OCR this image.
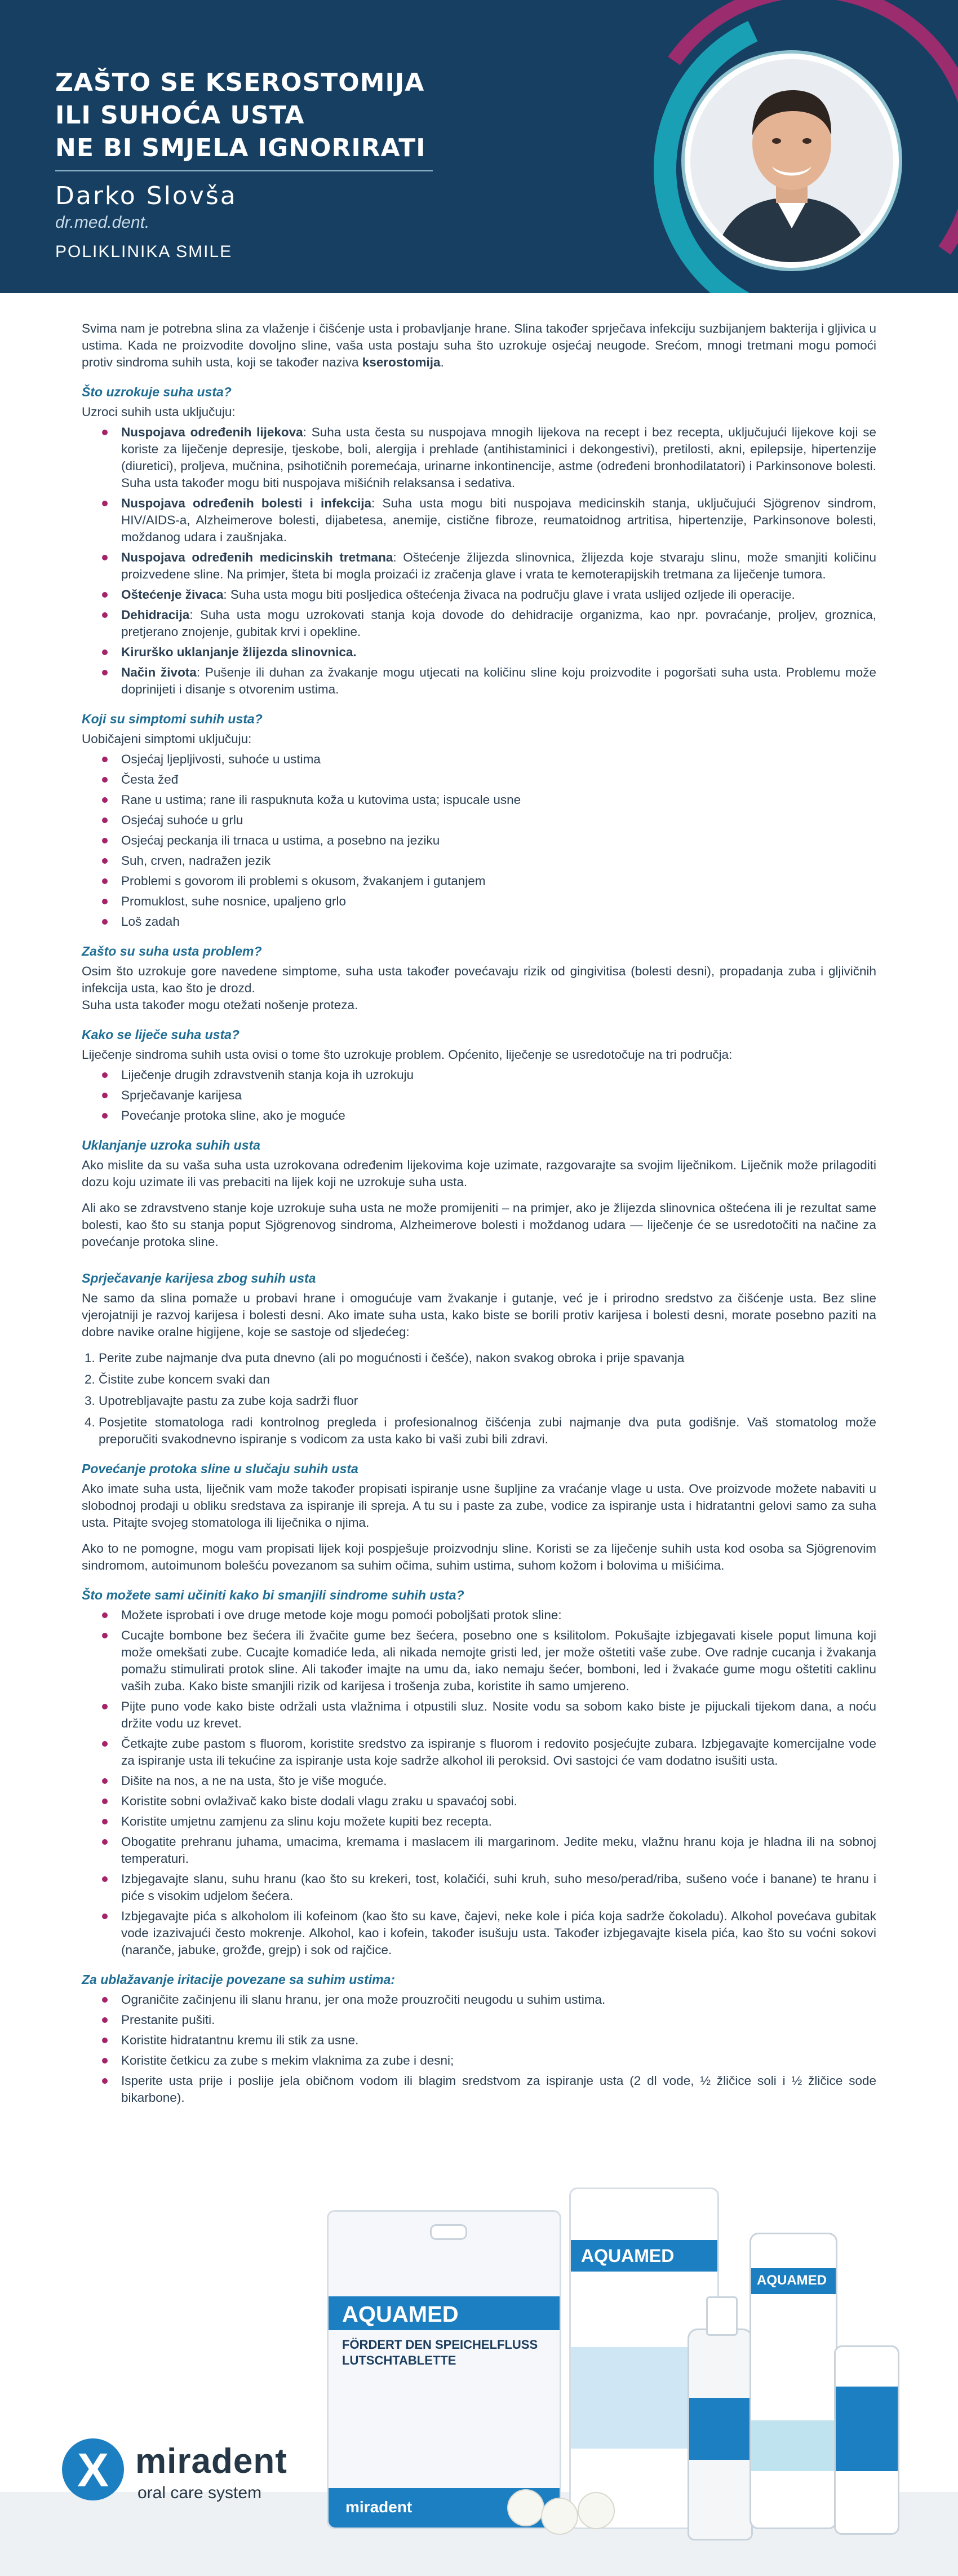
ZAŠTO SE KSEROSTOMIJA
ILI SUHOĆA USTA
NE BI SMJELA IGNORIRATI
Darko Slovša
dr.med.dent.
POLIKLINIKA SMILE

Svima nam je potrebna slina za vlaženje i čišćenje usta i probavljanje hrane. Slina također sprječava infekciju suzbijanjem bakterija i gljivica u ustima. Kada ne proizvodite dovoljno sline, vaša usta postaju suha što uzrokuje osjećaj neugode. Srećom, mnogi tretmani mogu pomoći protiv sindroma suhih usta, koji se također naziva kserostomija.

Što uzrokuje suha usta?

Uzroci suhih usta uključuju:

Nuspojava određenih lijekova: Suha usta česta su nuspojava mnogih lijekova na recept i bez recepta, uključujući lijekove koji se koriste za liječenje depresije, tjeskobe, boli, alergija i prehlade (antihistaminici i dekongestivi), pretilosti, akni, epilepsije, hipertenzije (diuretici), proljeva, mučnina, psihotičnih poremećaja, urinarne inkontinencije, astme (određeni bronhodilatatori) i Parkinsonove bolesti. Suha usta također mogu biti nuspojava mišićnih relaksansa i sedativa.
Nuspojava određenih bolesti i infekcija: Suha usta mogu biti nuspojava medicinskih stanja, uključujući Sjögrenov sindrom, HIV/AIDS-a, Alzheimerove bolesti, dijabetesa, anemije, cistične fibroze, reumatoidnog artritisa, hipertenzije, Parkinsonove bolesti, moždanog udara i zaušnjaka.
Nuspojava određenih medicinskih tretmana: Oštećenje žlijezda slinovnica, žlijezda koje stvaraju slinu, može smanjiti količinu proizvedene sline. Na primjer, šteta bi mogla proizaći iz zračenja glave i vrata te kemoterapijskih tretmana za liječenje tumora.
Oštećenje živaca: Suha usta mogu biti posljedica oštećenja živaca na području glave i vrata uslijed ozljede ili operacije.
Dehidracija: Suha usta mogu uzrokovati stanja koja dovode do dehidracije organizma, kao npr. povraćanje, proljev, groznica, pretjerano znojenje, gubitak krvi i opekline.
Kirurško uklanjanje žlijezda slinovnica.
Način života: Pušenje ili duhan za žvakanje mogu utjecati na količinu sline koju proizvodite i pogoršati suha usta. Problemu može doprinijeti i disanje s otvorenim ustima.
Koji su simptomi suhih usta?

Uobičajeni simptomi uključuju:

Osjećaj ljepljivosti, suhoće u ustima
Česta žeđ
Rane u ustima; rane ili raspuknuta koža u kutovima usta; ispucale usne
Osjećaj suhoće u grlu
Osjećaj peckanja ili trnaca u ustima, a posebno na jeziku
Suh, crven, nadražen jezik
Problemi s govorom ili problemi s okusom, žvakanjem i gutanjem
Promuklost, suhe nosnice, upaljeno grlo
Loš zadah
Zašto su suha usta problem?

Osim što uzrokuje gore navedene simptome, suha usta također povećavaju rizik od gingivitisa (bolesti desni), propadanja zuba i gljivičnih infekcija usta, kao što je drozd.

Suha usta također mogu otežati nošenje proteza.

Kako se liječe suha usta?

Liječenje sindroma suhih usta ovisi o tome što uzrokuje problem. Općenito, liječenje se usredotočuje na tri područja:

Liječenje drugih zdravstvenih stanja koja ih uzrokuju
Sprječavanje karijesa
Povećanje protoka sline, ako je moguće
Uklanjanje uzroka suhih usta

Ako mislite da su vaša suha usta uzrokovana određenim lijekovima koje uzimate, razgovarajte sa svojim liječnikom. Liječnik može prilagoditi dozu koju uzimate ili vas prebaciti na lijek koji ne uzrokuje suha usta.

Ali ako se zdravstveno stanje koje uzrokuje suha usta ne može promijeniti – na primjer, ako je žlijezda slinovnica oštećena ili je rezultat same bolesti, kao što su stanja poput Sjögrenovog sindroma, Alzheimerove bolesti i moždanog udara — liječenje će se usredotočiti na načine za povećanje protoka sline.

Sprječavanje karijesa zbog suhih usta

Ne samo da slina pomaže u probavi hrane i omogućuje vam žvakanje i gutanje, već je i prirodno sredstvo za čišćenje usta. Bez sline vjerojatniji je razvoj karijesa i bolesti desni. Ako imate suha usta, kako biste se borili protiv karijesa i bolesti desni, morate posebno paziti na dobre navike oralne higijene, koje se sastoje od sljedećeg:

1. Perite zube najmanje dva puta dnevno (ali po mogućnosti i češće), nakon svakog obroka i prije spavanja
2. Čistite zube koncem svaki dan
3. Upotrebljavajte pastu za zube koja sadrži fluor
4. Posjetite stomatologa radi kontrolnog pregleda i profesionalnog čišćenja zubi najmanje dva puta godišnje. Vaš stomatolog može preporučiti svakodnevno ispiranje s vodicom za usta kako bi vaši zubi bili zdravi.
Povećanje protoka sline u slučaju suhih usta

Ako imate suha usta, liječnik vam može također propisati ispiranje usne šupljine za vraćanje vlage u usta. Ove proizvode možete nabaviti u slobodnoj prodaji u obliku sredstava za ispiranje ili spreja. A tu su i paste za zube, vodice za ispiranje usta i hidratantni gelovi samo za suha usta. Pitajte svojeg stomatologa ili liječnika o njima.

Ako to ne pomogne, mogu vam propisati lijek koji pospješuje proizvodnju sline. Koristi se za liječenje suhih usta kod osoba sa Sjögrenovim sindromom, autoimunom bolešću povezanom sa suhim očima, suhim ustima, suhom kožom i bolovima u mišićima.

Što možete sami učiniti kako bi smanjili sindrome suhih usta?
Možete isprobati i ove druge metode koje mogu pomoći poboljšati protok sline:
Cucajte bombone bez šećera ili žvačite gume bez šećera, posebno one s ksilitolom. Pokušajte izbjegavati kisele poput limuna koji može omekšati zube. Cucajte komadiće leda, ali nikada nemojte gristi led, jer može oštetiti vaše zube. Ove radnje cucanja i žvakanja pomažu stimulirati protok sline. Ali također imajte na umu da, iako nemaju šećer, bomboni, led i žvakaće gume mogu oštetiti caklinu vaših zuba. Kako biste smanjili rizik od karijesa i trošenja zuba, koristite ih samo umjereno.
Pijte puno vode kako biste održali usta vlažnima i otpustili sluz. Nosite vodu sa sobom kako biste je pijuckali tijekom dana, a noću držite vodu uz krevet.
Četkajte zube pastom s fluorom, koristite sredstvo za ispiranje s fluorom i redovito posjećujte zubara. Izbjegavajte komercijalne vode za ispiranje usta ili tekućine za ispiranje usta koje sadrže alkohol ili peroksid. Ovi sastojci će vam dodatno isušiti usta.
Dišite na nos, a ne na usta, što je više moguće.
Koristite sobni ovlaživač kako biste dodali vlagu zraku u spavaćoj sobi.
Koristite umjetnu zamjenu za slinu koju možete kupiti bez recepta.
Obogatite prehranu juhama, umacima, kremama i maslacem ili margarinom. Jedite meku, vlažnu hranu koja je hladna ili na sobnoj temperaturi.
Izbjegavajte slanu, suhu hranu (kao što su krekeri, tost, kolačići, suhi kruh, suho meso/perad/riba, sušeno voće i banane) te hranu i piće s visokim udjelom šećera.
Izbjegavajte pića s alkoholom ili kofeinom (kao što su kave, čajevi, neke kole i pića koja sadrže čokoladu). Alkohol povećava gubitak vode izazivajući često mokrenje. Alkohol, kao i kofein, također isušuju usta. Također izbjegavajte kisela pića, kao što su voćni sokovi (naranče, jabuke, grožđe, grejp) i sok od rajčice.
Za ublažavanje iritacije povezane sa suhim ustima:
Ograničite začinjenu ili slanu hranu, jer ona može prouzročiti neugodu u suhim ustima.
Prestanite pušiti.
Koristite hidratantnu kremu ili stik za usne.
Koristite četkicu za zube s mekim vlaknima za zube i desni;
Isperite usta prije i poslije jela običnom vodom ili blagim sredstvom za ispiranje usta (2 dl vode, ½ žličice soli i ½ žličice sode bikarbone).
X miradent
oral care system
AQUAMED
FÖRDERT DEN SPEICHELFLUSS
LUTSCHTABLETTE
miradent
AQUAMED
AQUAMED
